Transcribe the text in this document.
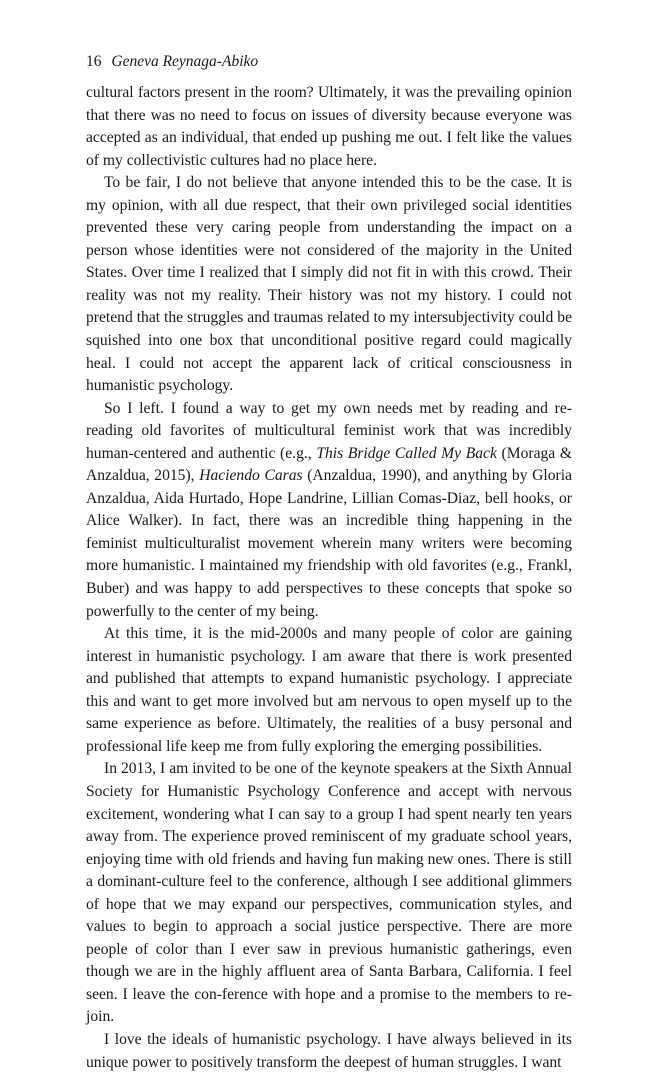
16 Geneva Reynaga-Abiko

cultural factors present in the room? Ultimately, it was the prevailing opinion that there was no need to focus on issues of diversity because everyone was accepted as an individual, that ended up pushing me out. I felt like the values of my collectivistic cultures had no place here.

To be fair, I do not believe that anyone intended this to be the case. It is my opinion, with all due respect, that their own privileged social identities prevented these very caring people from understanding the impact on a person whose identities were not considered of the majority in the United States. Over time I realized that I simply did not fit in with this crowd. Their reality was not my reality. Their history was not my history. I could not pretend that the struggles and traumas related to my intersubjectivity could be squished into one box that unconditional positive regard could magically heal. I could not accept the apparent lack of critical consciousness in humanistic psychology.

So I left. I found a way to get my own needs met by reading and re-reading old favorites of multicultural feminist work that was incredibly human-centered and authentic (e.g., This Bridge Called My Back (Moraga & Anzaldua, 2015), Haciendo Caras (Anzaldua, 1990), and anything by Gloria Anzaldua, Aida Hurtado, Hope Landrine, Lillian Comas-Diaz, bell hooks, or Alice Walker). In fact, there was an incredible thing happening in the feminist multiculturalist movement wherein many writers were becoming more humanistic. I maintained my friendship with old favorites (e.g., Frankl, Buber) and was happy to add perspectives to these concepts that spoke so powerfully to the center of my being.

At this time, it is the mid-2000s and many people of color are gaining interest in humanistic psychology. I am aware that there is work presented and published that attempts to expand humanistic psychology. I appreciate this and want to get more involved but am nervous to open myself up to the same experience as before. Ultimately, the realities of a busy personal and professional life keep me from fully exploring the emerging possibilities.

In 2013, I am invited to be one of the keynote speakers at the Sixth Annual Society for Humanistic Psychology Conference and accept with nervous excitement, wondering what I can say to a group I had spent nearly ten years away from. The experience proved reminiscent of my graduate school years, enjoying time with old friends and having fun making new ones. There is still a dominant-culture feel to the conference, although I see additional glimmers of hope that we may expand our perspectives, communication styles, and values to begin to approach a social justice perspective. There are more people of color than I ever saw in previous humanistic gatherings, even though we are in the highly affluent area of Santa Barbara, California. I feel seen. I leave the con-ference with hope and a promise to the members to re-join.

I love the ideals of humanistic psychology. I have always believed in its unique power to positively transform the deepest of human struggles. I want
